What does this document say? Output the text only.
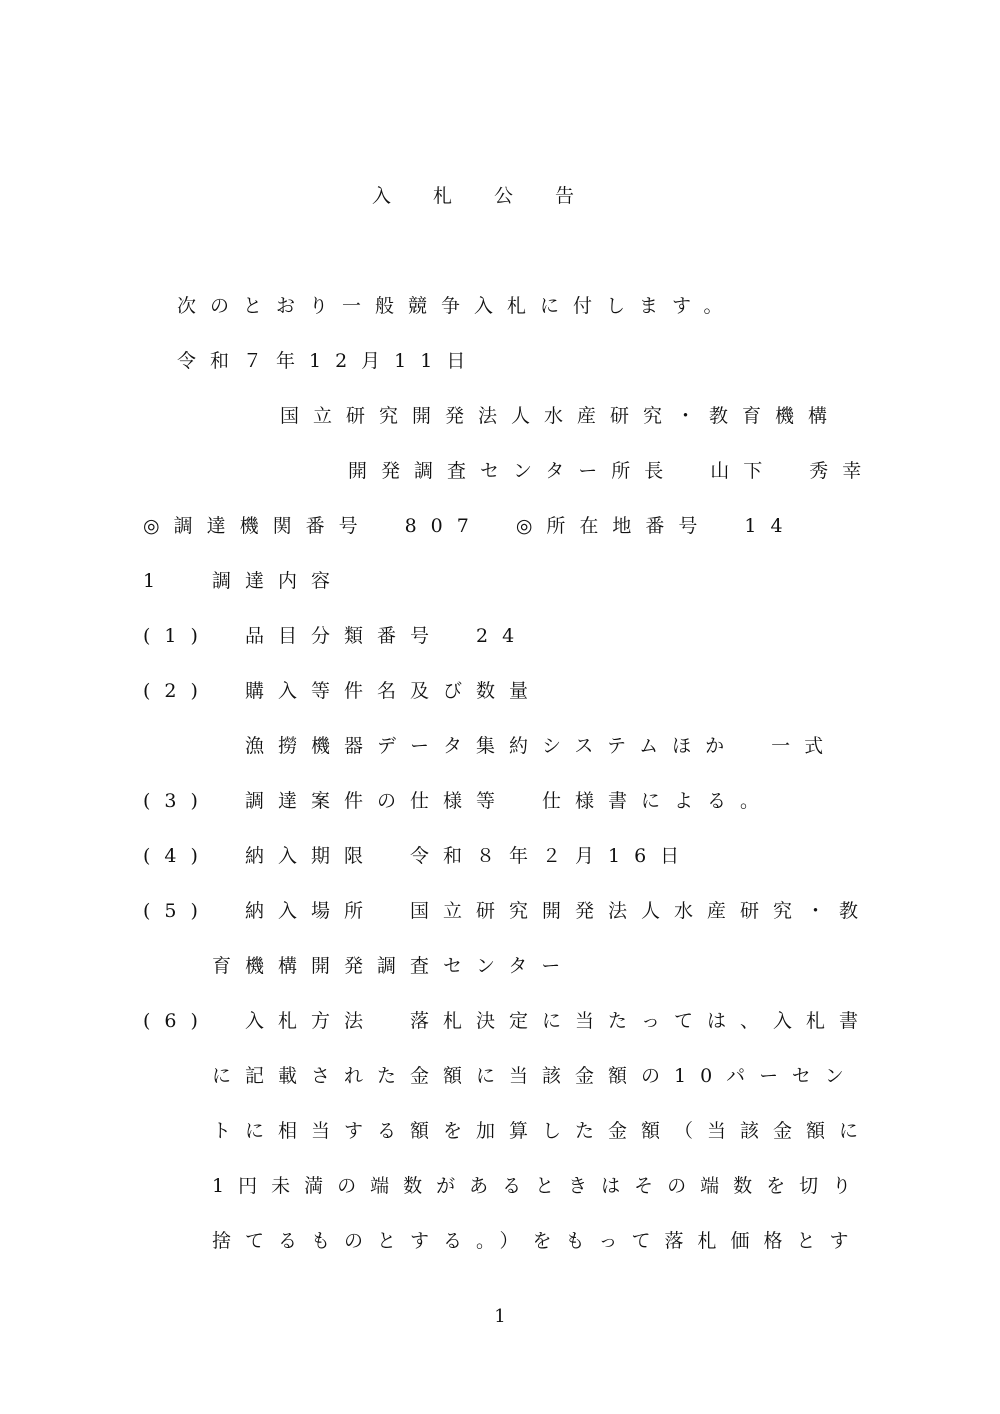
入札公告
次のとおり一般競争入札に付します。
令和７年12月11日
国立研究開発法人水産研究・教育機構
開発調査センター所長　山下　秀幸
◎調達機関番号　807　◎所在地番号　14
1 調達内容
(1) 品目分類番号　24
(2) 購入等件名及び数量
漁撈機器データ集約システムほか　一式
(3) 調達案件の仕様等　仕様書による。
(4) 納入期限　令和８年２月16日
(5) 納入場所　国立研究開発法人水産研究・教
育機構開発調査センター
(6) 入札方法　落札決定に当たっては、入札書
に記載された金額に当該金額の10パーセン
トに相当する額を加算した金額（当該金額に
1円未満の端数があるときはその端数を切り
捨てるものとする。）をもって落札価格とす
1
